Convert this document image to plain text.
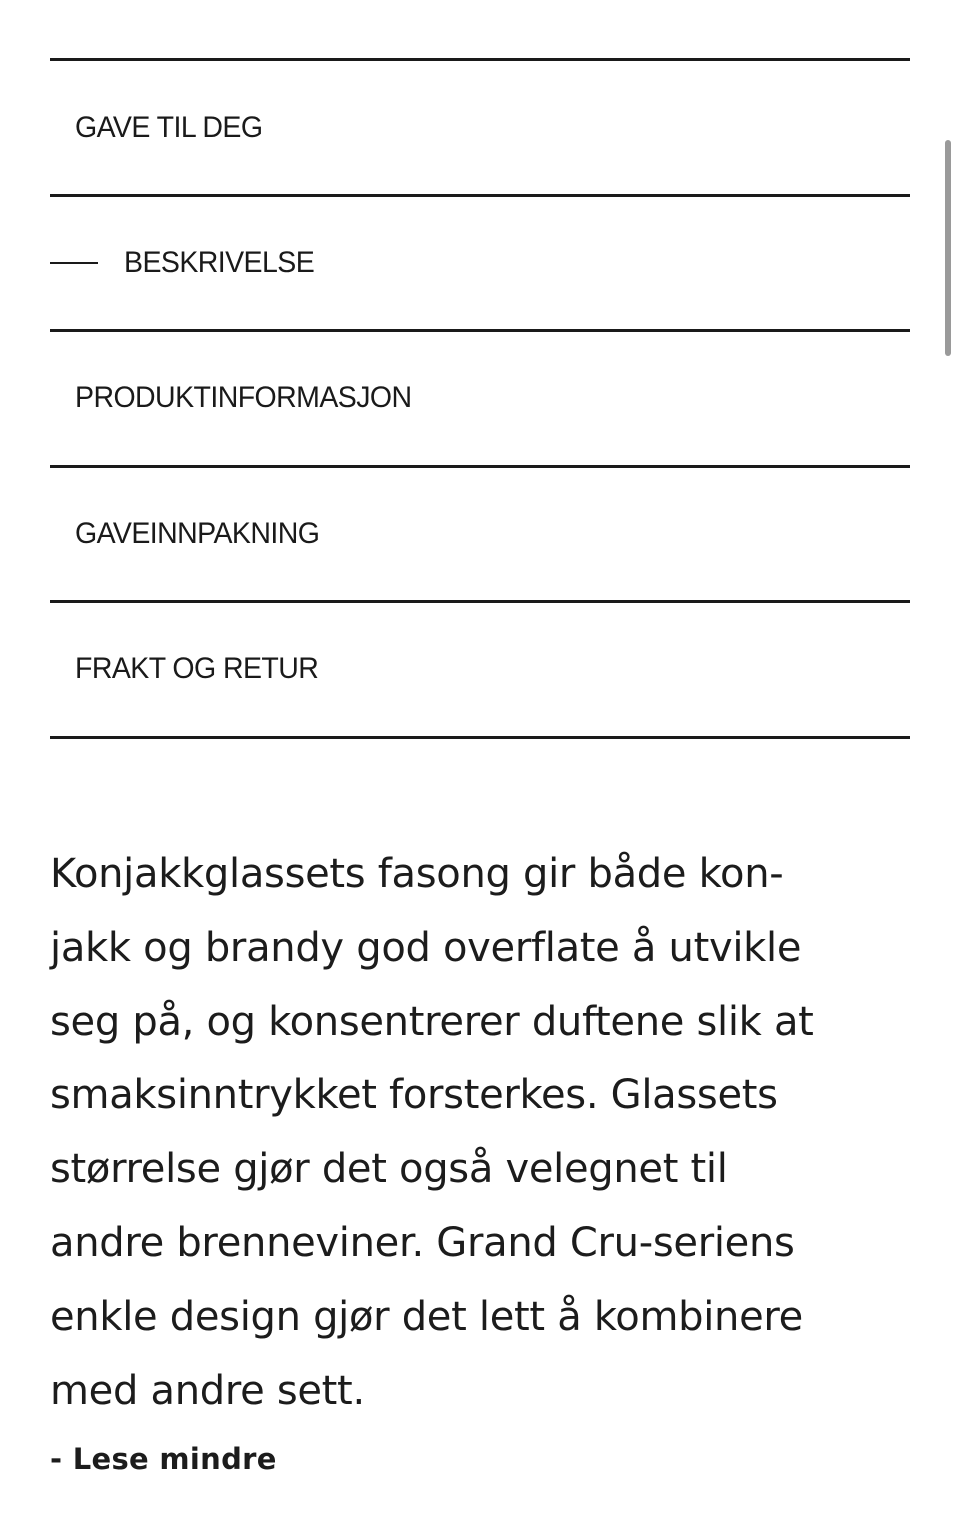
GAVE TIL DEG
BESKRIVELSE
PRODUKTINFORMASJON
GAVEINNPAKNING
FRAKT OG RETUR
Konjakkglassets fasong gir både kon-
jakk og brandy god overflate å utvikle
seg på, og konsentrerer duftene slik at
smaksinntrykket forsterkes. Glassets
størrelse gjør det også velegnet til
andre brenneviner. Grand Cru-seriens
enkle design gjør det lett å kombinere
med andre sett.
- Lese mindre
